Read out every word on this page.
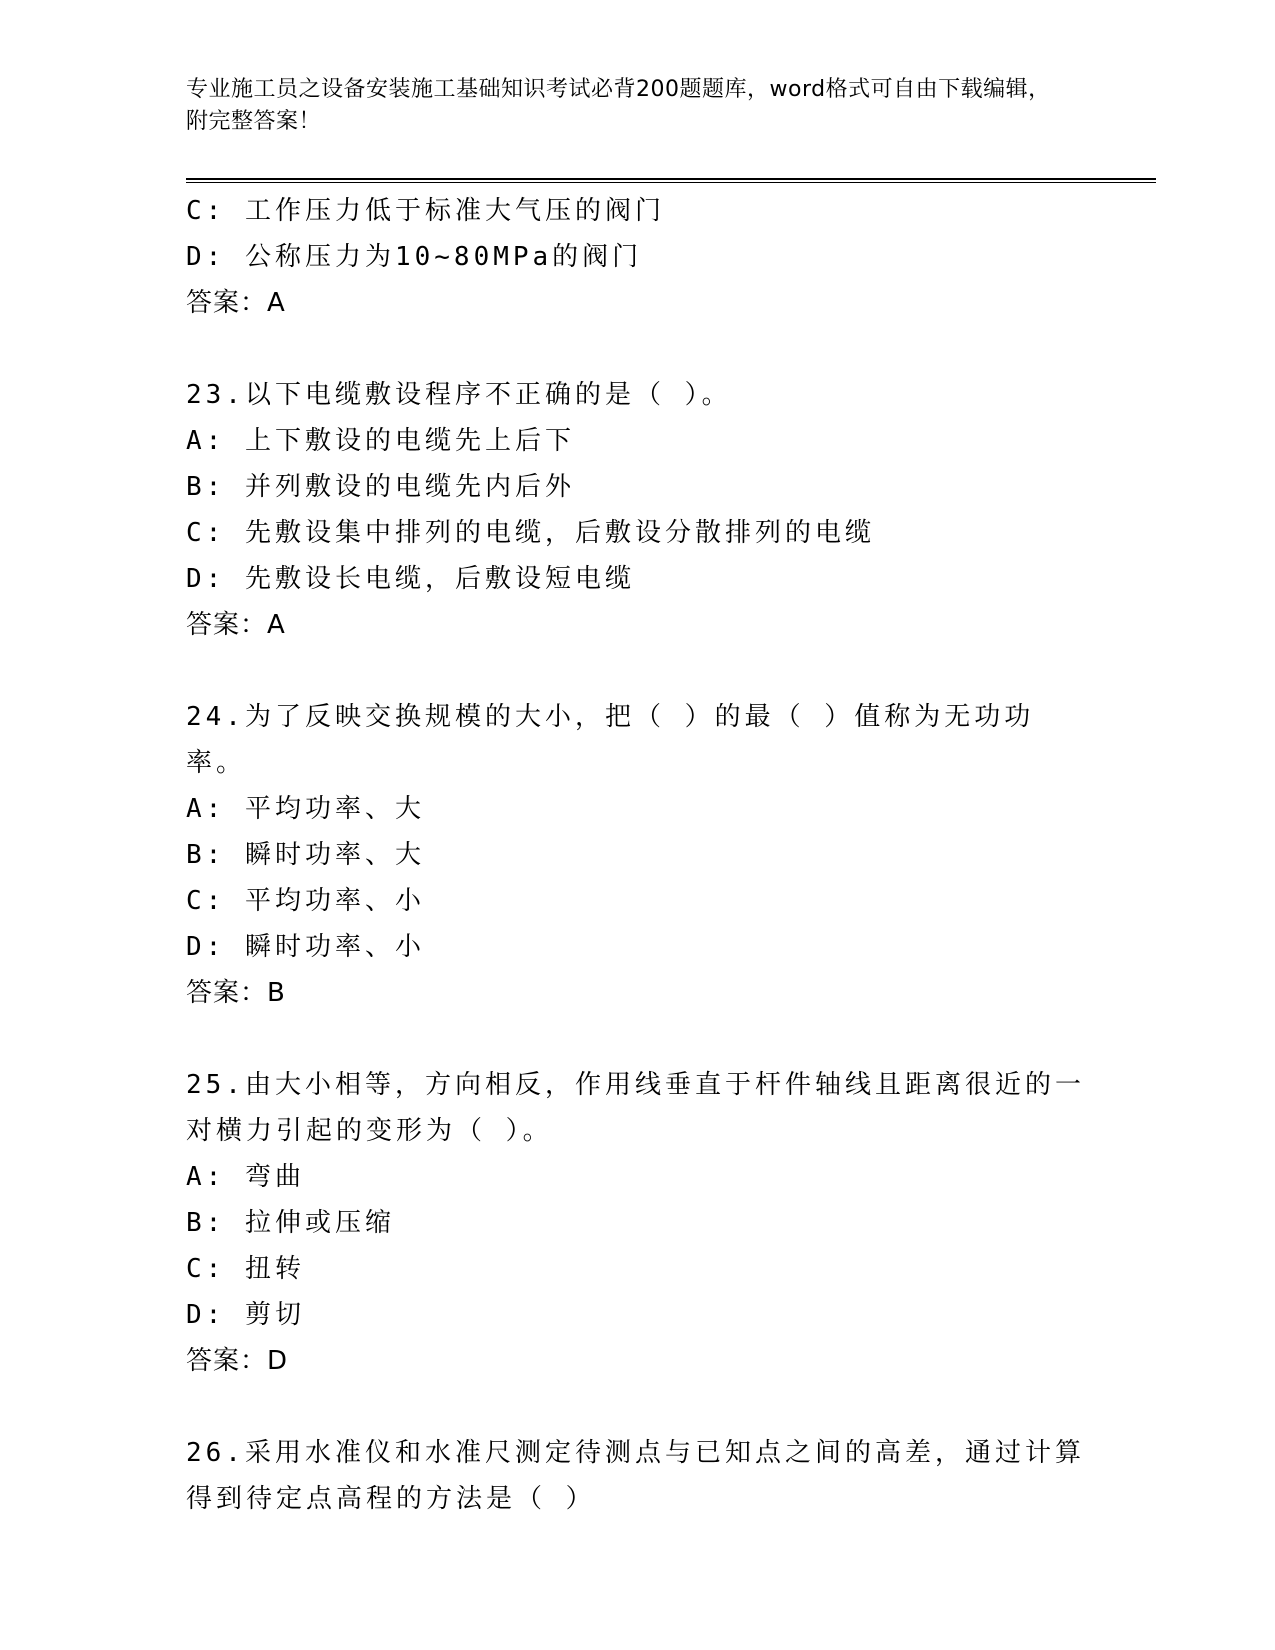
专业施工员之设备安装施工基础知识考试必背200题题库，word格式可自由下载编辑，附完整答案！
C: 工作压力低于标准大气压的阀门
D: 公称压力为10~80MPa的阀门
答案：A
23.以下电缆敷设程序不正确的是（ ）。
A: 上下敷设的电缆先上后下
B: 并列敷设的电缆先内后外
C: 先敷设集中排列的电缆，后敷设分散排列的电缆
D: 先敷设长电缆，后敷设短电缆
答案：A
24.为了反映交换规模的大小，把（ ）的最（ ）值称为无功功率。
A: 平均功率、大
B: 瞬时功率、大
C: 平均功率、小
D: 瞬时功率、小
答案：B
25.由大小相等，方向相反，作用线垂直于杆件轴线且距离很近的一对横力引起的变形为（ ）。
A: 弯曲
B: 拉伸或压缩
C: 扭转
D: 剪切
答案：D
26.采用水准仪和水准尺测定待测点与已知点之间的高差，通过计算得到待定点高程的方法是（ ）
